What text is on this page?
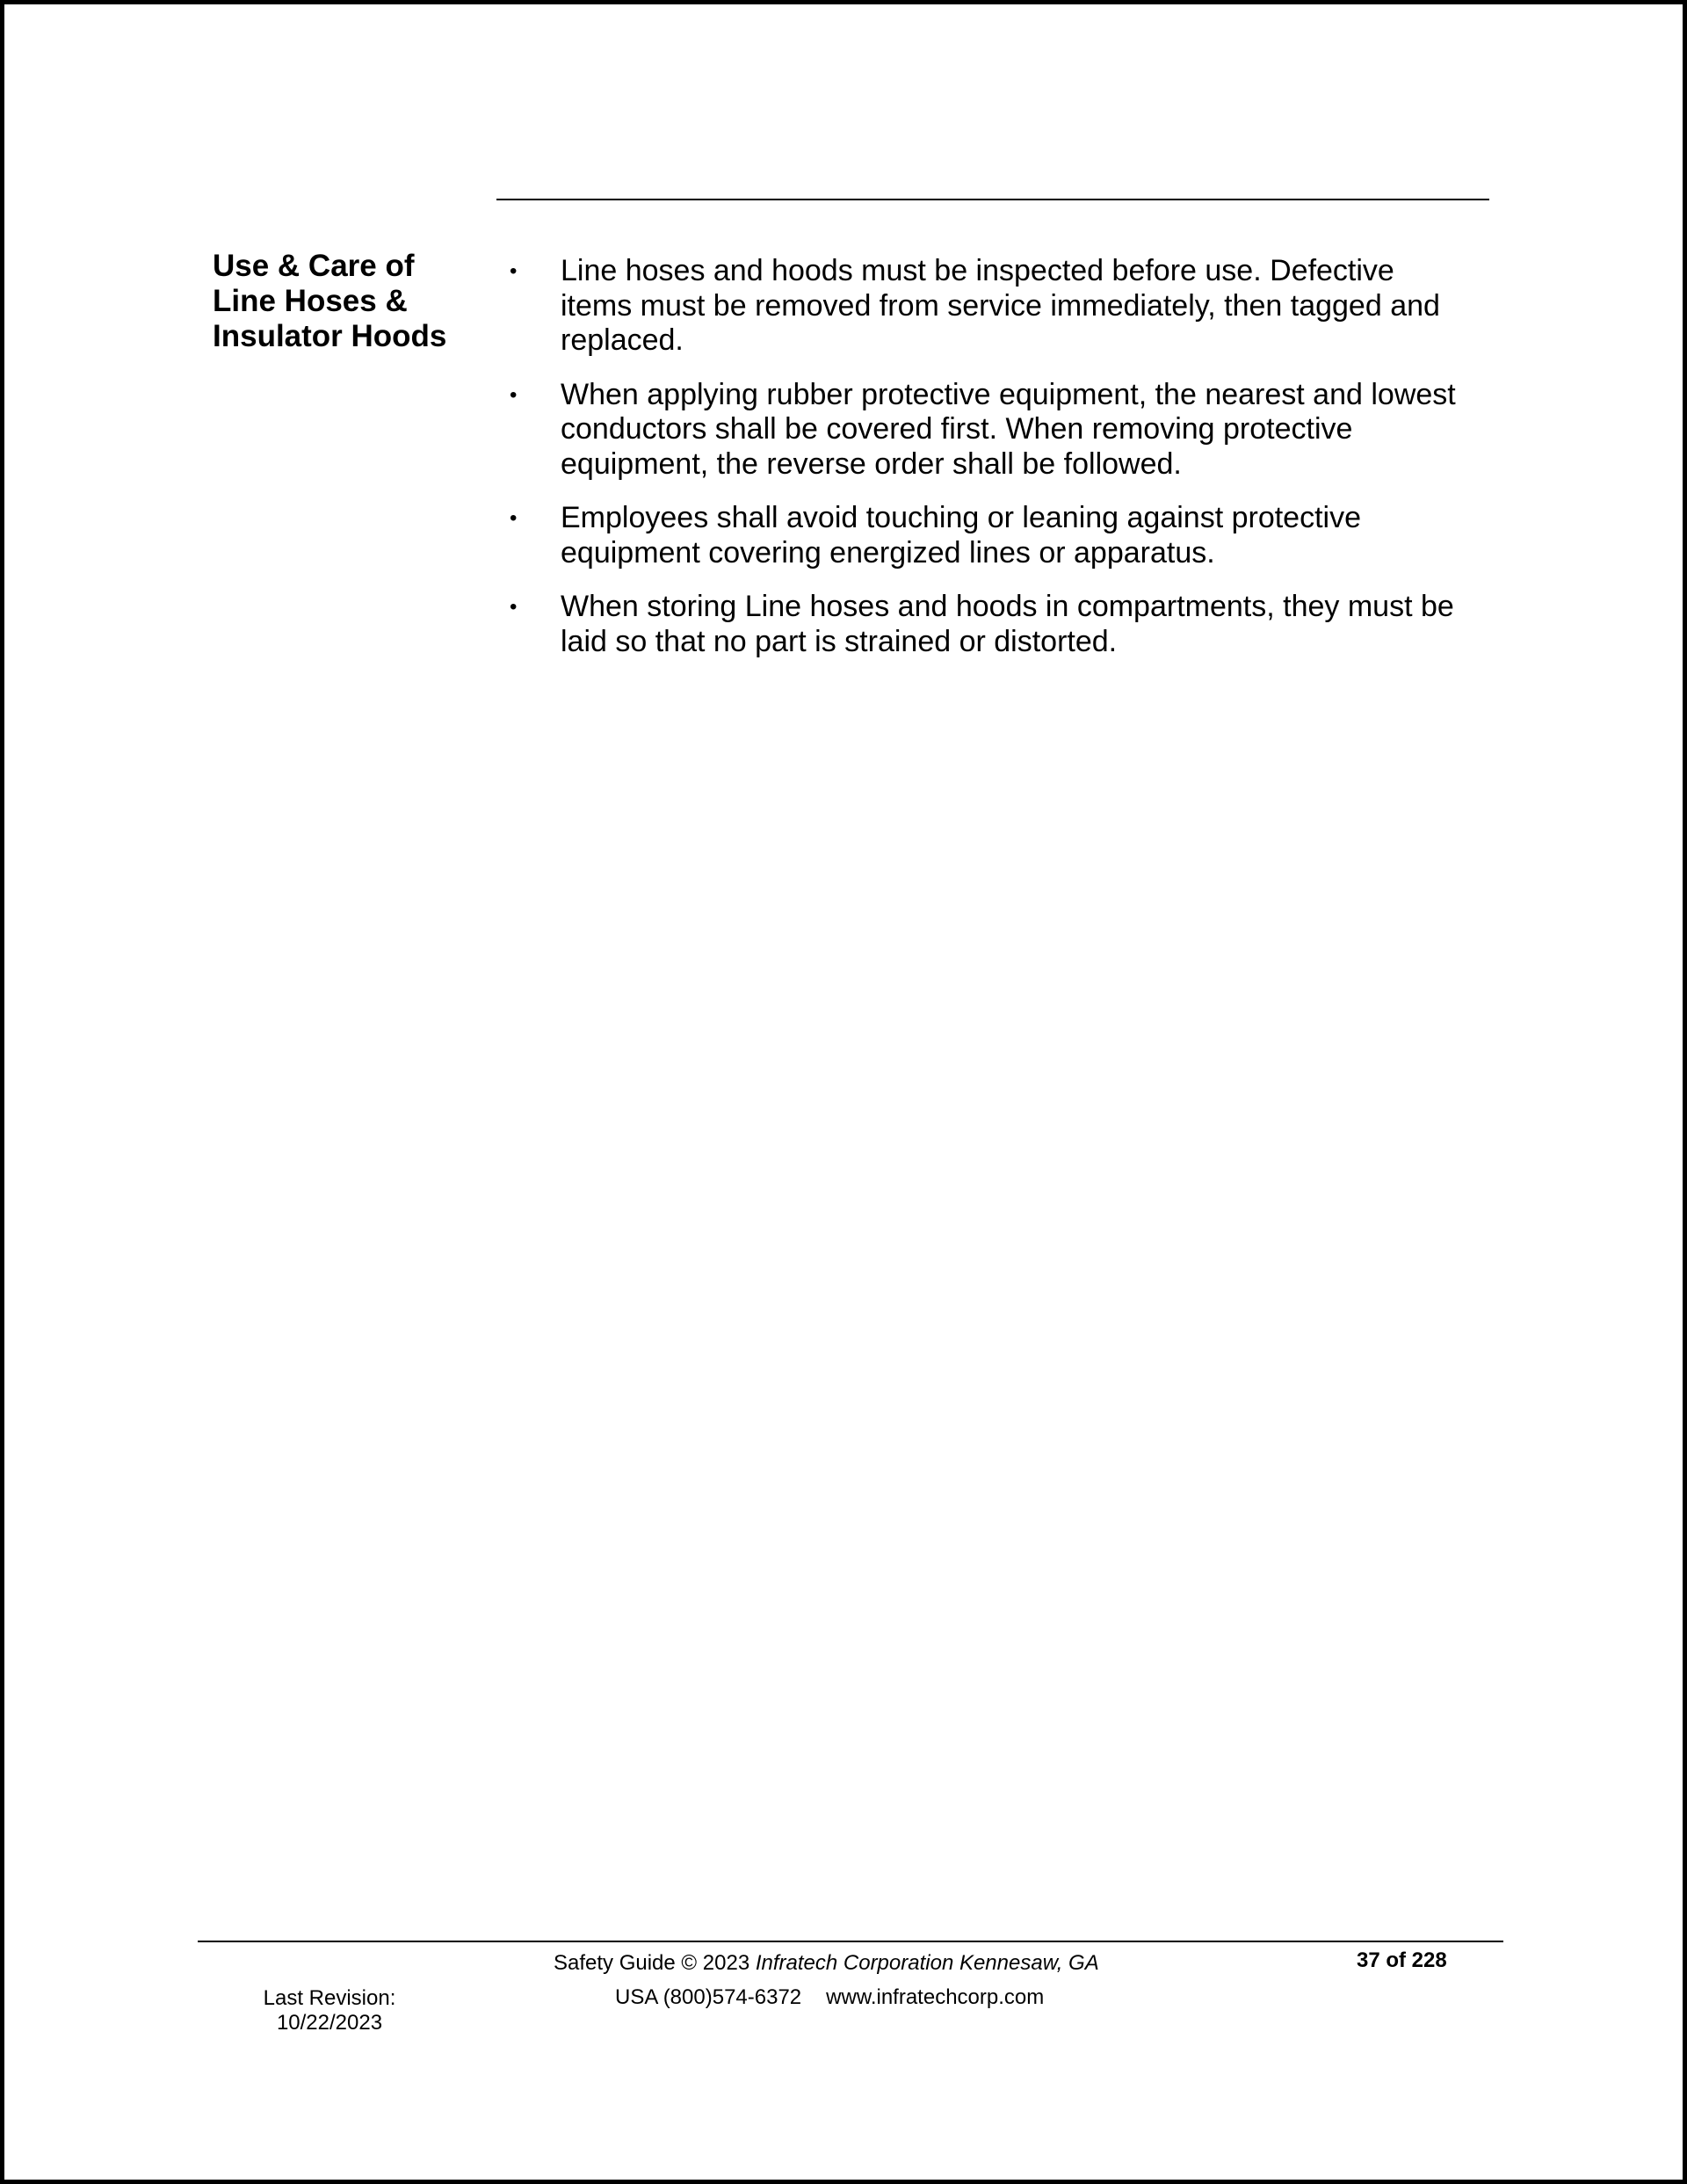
Use & Care of
Line Hoses &
Insulator Hoods
• Line hoses and hoods must be inspected before use. Defective
items must be removed from service immediately, then tagged and
replaced.
• When applying rubber protective equipment, the nearest and lowest
conductors shall be covered first. When removing protective
equipment, the reverse order shall be followed.
• Employees shall avoid touching or leaning against protective
equipment covering energized lines or apparatus.
• When storing Line hoses and hoods in compartments, they must be
laid so that no part is strained or distorted.
Safety Guide © 2023 Infratech Corporation Kennesaw, GA	37 of 228
Last Revision:
10/22/2023
USA (800)574-6372 www.infratechcorp.com
